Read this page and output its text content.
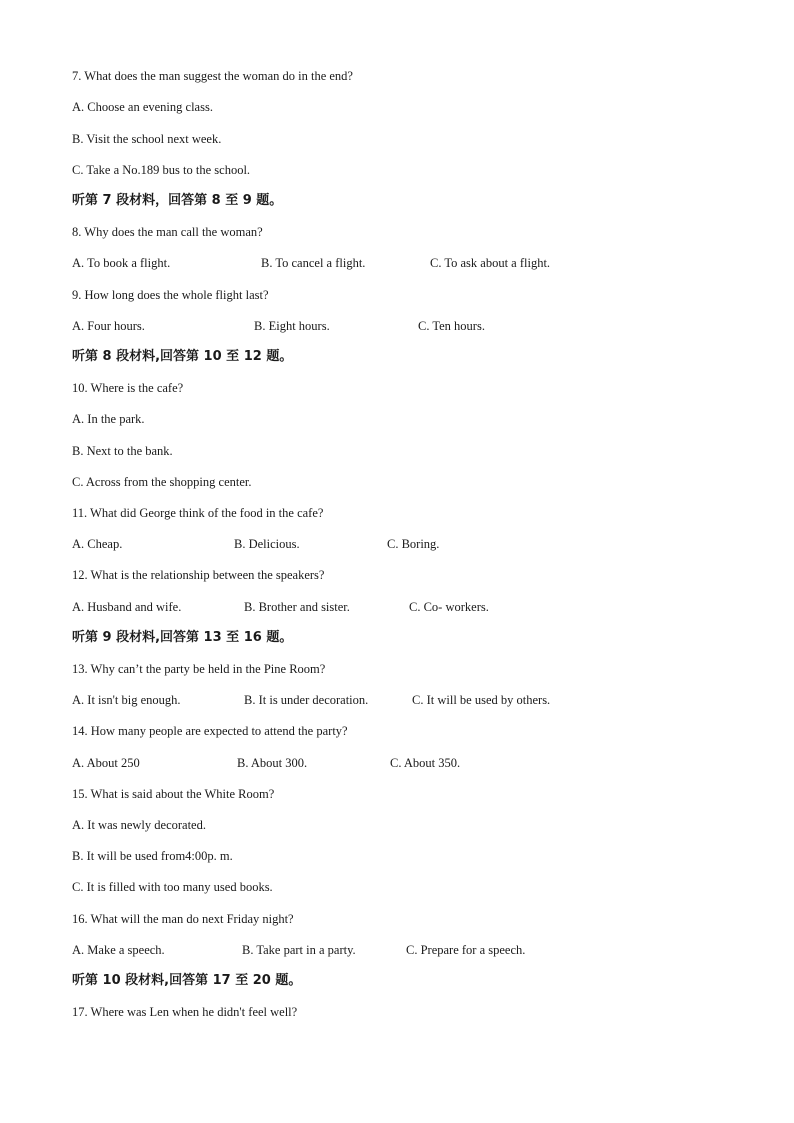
7. What does the man suggest the woman do in the end?
A. Choose an evening class.
B. Visit the school next week.
C. Take a No.189 bus to the school.
听第 7 段材料，回答第 8 至 9 题。
8. Why does the man call the woman?
A. To book a flight.	B. To cancel a flight.	C. To ask about a flight.
9. How long does the whole flight last?
A. Four hours.	B. Eight hours.	C. Ten hours.
听第 8 段材料,回答第 10 至 12 题。
10. Where is the cafe?
A. In the park.
B. Next to the bank.
C. Across from the shopping center.
11. What did George think of the food in the cafe?
A. Cheap.	B. Delicious.	C. Boring.
12. What is the relationship between the speakers?
A. Husband and wife.	B. Brother and sister.	C. Co- workers.
听第 9 段材料,回答第 13 至 16 题。
13. Why can’t the party be held in the Pine Room?
A. It isn't big enough.	B. It is under decoration.	C. It will be used by others.
14. How many people are expected to attend the party?
A. About 250	B. About 300.	C. About 350.
15. What is said about the White Room?
A. It was newly decorated.
B. It will be used from4:00p. m.
C. It is filled with too many used books.
16. What will the man do next Friday night?
A. Make a speech.	B. Take part in a party.	C. Prepare for a speech.
听第 10 段材料,回答第 17 至 20 题。
17. Where was Len when he didn't feel well?
